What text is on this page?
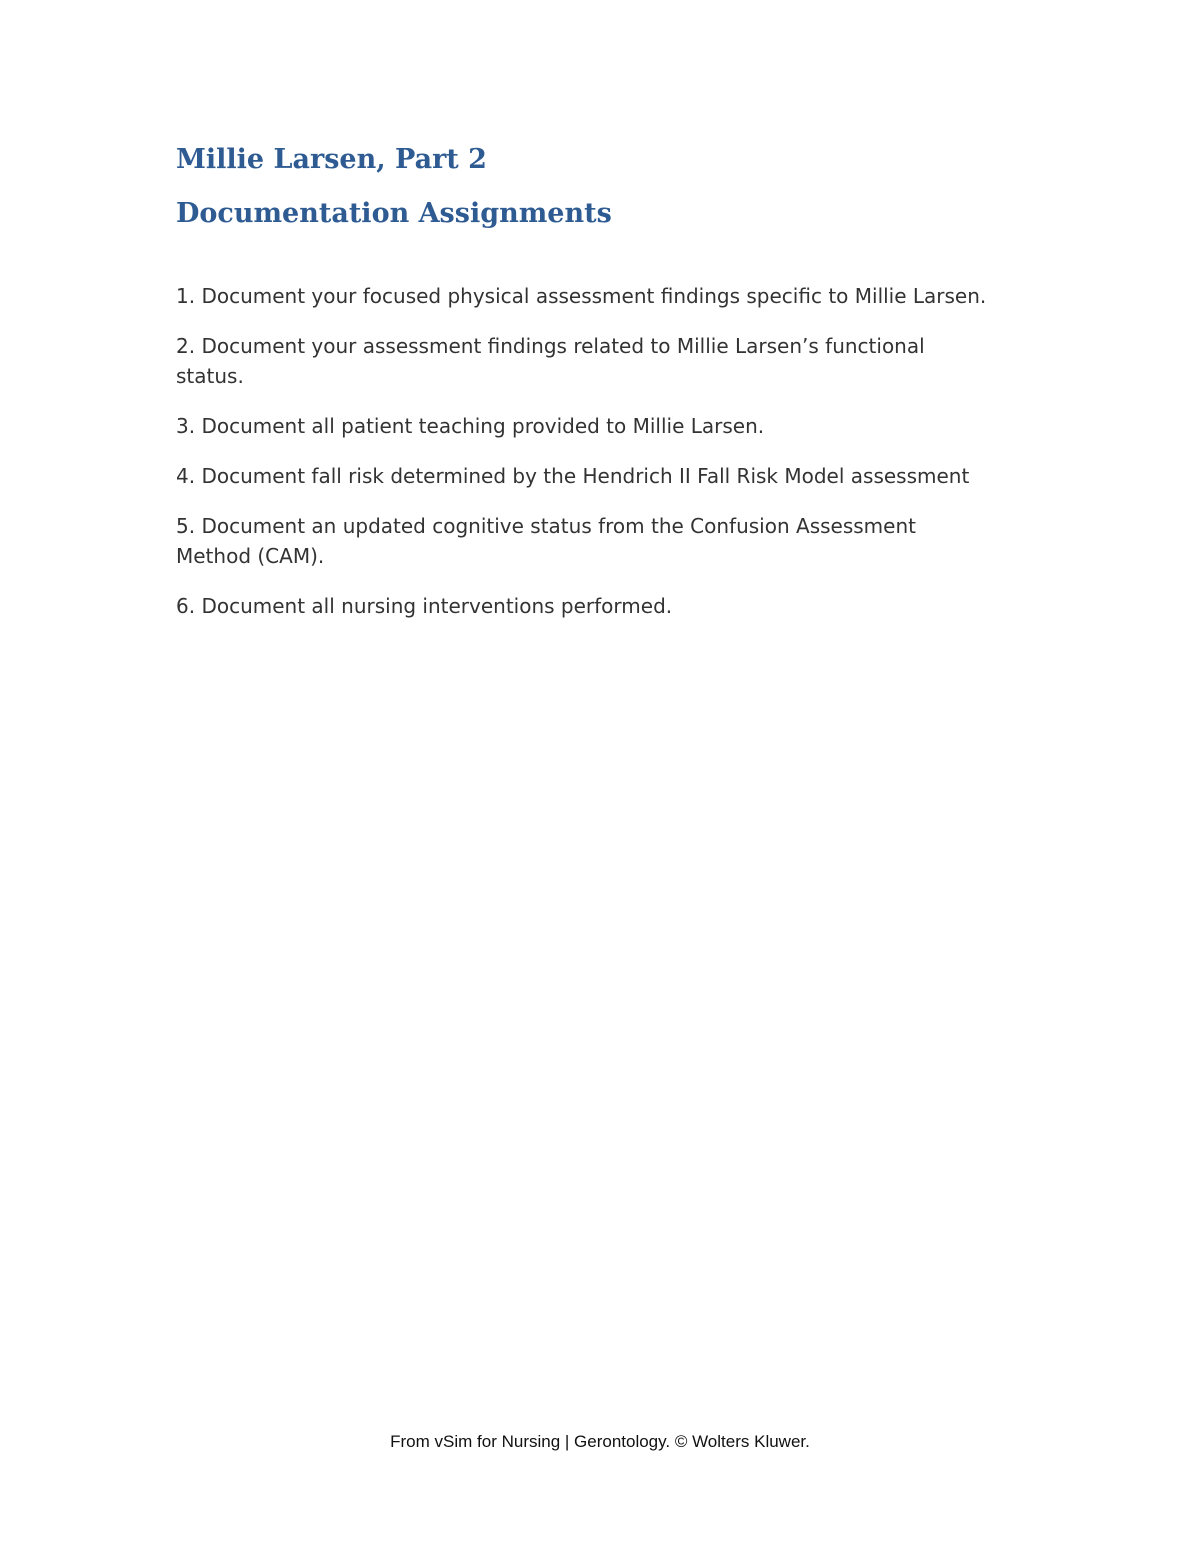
Millie Larsen, Part 2
Documentation Assignments
1. Document your focused physical assessment findings specific to Millie Larsen.
2. Document your assessment findings related to Millie Larsen’s functional status.
3. Document all patient teaching provided to Millie Larsen.
4. Document fall risk determined by the Hendrich II Fall Risk Model assessment
5. Document an updated cognitive status from the Confusion Assessment Method (CAM).
6. Document all nursing interventions performed.
From vSim for Nursing | Gerontology. © Wolters Kluwer.
